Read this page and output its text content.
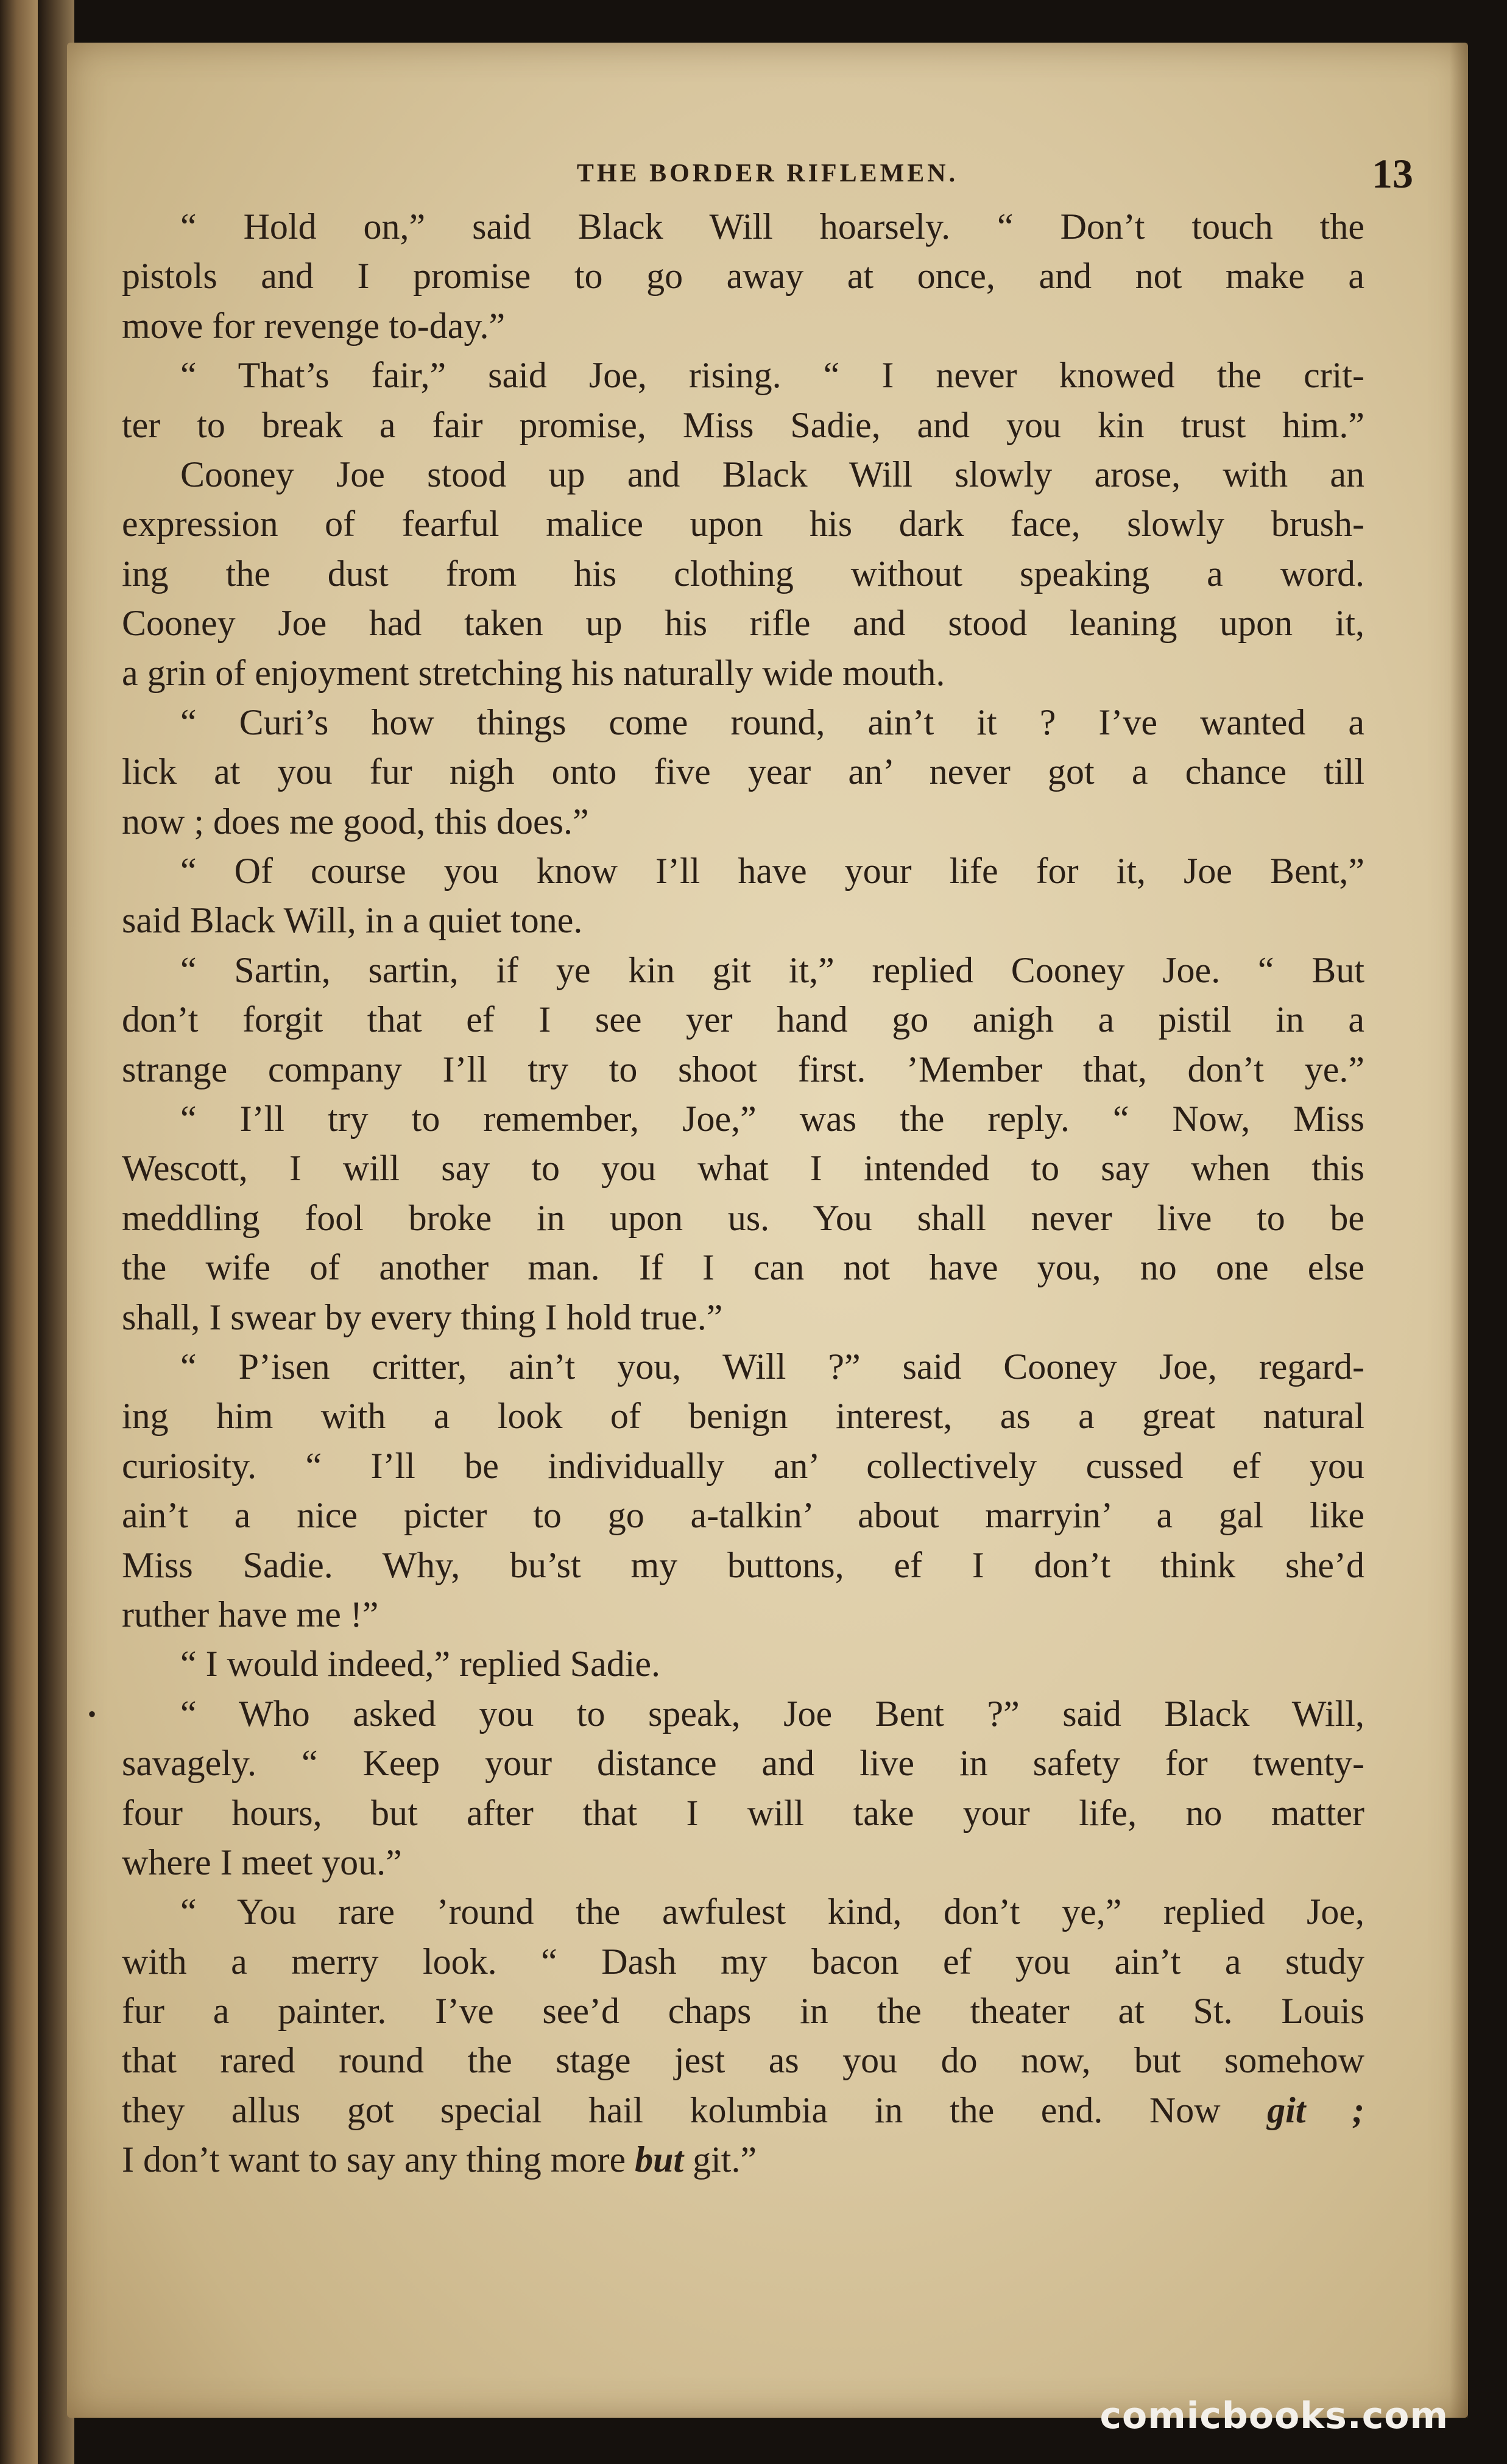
THE BORDER RIFLEMEN.	13
“ Hold on,” said Black Will hoarsely. “ Don’t touch the
pistols and I promise to go away at once, and not make a
move for revenge to-day.”
“ That’s fair,” said Joe, rising. “ I never knowed the crit-
ter to break a fair promise, Miss Sadie, and you kin trust him.”
Cooney Joe stood up and Black Will slowly arose, with an
expression of fearful malice upon his dark face, slowly brush-
ing the dust from his clothing without speaking a word.
Cooney Joe had taken up his rifle and stood leaning upon it,
a grin of enjoyment stretching his naturally wide mouth.
“ Curi’s how things come round, ain’t it ? I’ve wanted a
lick at you fur nigh onto five year an’ never got a chance till
now ; does me good, this does.”
“ Of course you know I’ll have your life for it, Joe Bent,”
said Black Will, in a quiet tone.
“ Sartin, sartin, if ye kin git it,” replied Cooney Joe. “ But
don’t forgit that ef I see yer hand go anigh a pistil in a
strange company I’ll try to shoot first. ’Member that, don’t ye.”
“ I’ll try to remember, Joe,” was the reply. “ Now, Miss
Wescott, I will say to you what I intended to say when this
meddling fool broke in upon us. You shall never live to be
the wife of another man. If I can not have you, no one else
shall, I swear by every thing I hold true.”
“ P’isen critter, ain’t you, Will ?” said Cooney Joe, regard-
ing him with a look of benign interest, as a great natural
curiosity. “ I’ll be individually an’ collectively cussed ef you
ain’t a nice picter to go a-talkin’ about marryin’ a gal like
Miss Sadie. Why, bu’st my buttons, ef I don’t think she’d
ruther have me !”
“ I would indeed,” replied Sadie.
• “ Who asked you to speak, Joe Bent ?” said Black Will,
savagely. “ Keep your distance and live in safety for twenty-
four hours, but after that I will take your life, no matter
where I meet you.”
“ You rare ’round the awfulest kind, don’t ye,” replied Joe,
with a merry look. “ Dash my bacon ef you ain’t a study
fur a painter. I’ve see’d chaps in the theater at St. Louis
that rared round the stage jest as you do now, but somehow
they allus got special hail kolumbia in the end. Now git ;
I don’t want to say any thing more but git.”
comicbooks.com
